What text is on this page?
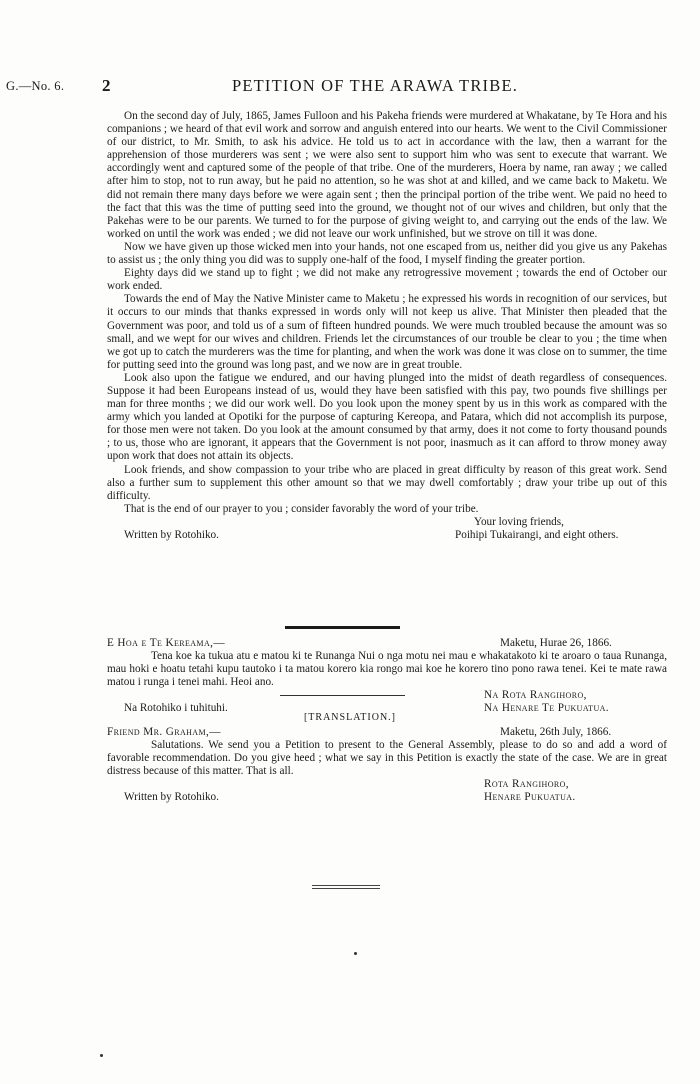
G.—No. 6. 2	PETITION OF THE ARAWA TRIBE.

On the second day of July, 1865, James Fulloon and his Pakeha friends were murdered at Whakatane, by Te Hora and his companions ; we heard of that evil work and sorrow and anguish entered into our hearts. We went to the Civil Commissioner of our district, to Mr. Smith, to ask his advice. He told us to act in accordance with the law, then a warrant for the apprehension of those murderers was sent ; we were also sent to support him who was sent to execute that warrant. We accordingly went and captured some of the people of that tribe. One of the murderers, Hoera by name, ran away ; we called after him to stop, not to run away, but he paid no attention, so he was shot at and killed, and we came back to Maketu. We did not remain there many days before we were again sent ; then the principal portion of the tribe went. We paid no heed to the fact that this was the time of putting seed into the ground, we thought not of our wives and children, but only that the Pakehas were to be our parents. We turned to for the purpose of giving weight to, and carrying out the ends of the law. We worked on until the work was ended ; we did not leave our work unfinished, but we strove on till it was done.

Now we have given up those wicked men into your hands, not one escaped from us, neither did you give us any Pakehas to assist us ; the only thing you did was to supply one-half of the food, I myself finding the greater portion.

Eighty days did we stand up to fight ; we did not make any retrogressive movement ; towards the end of October our work ended.

Towards the end of May the Native Minister came to Maketu ; he expressed his words in recognition of our services, but it occurs to our minds that thanks expressed in words only will not keep us alive. That Minister then pleaded that the Government was poor, and told us of a sum of fifteen hundred pounds. We were much troubled because the amount was so small, and we wept for our wives and children. Friends let the circumstances of our trouble be clear to you ; the time when we got up to catch the murderers was the time for planting, and when the work was done it was close on to summer, the time for putting seed into the ground was long past, and we now are in great trouble.

Look also upon the fatigue we endured, and our having plunged into the midst of death regardless of consequences. Suppose it had been Europeans instead of us, would they have been satisfied with this pay, two pounds five shillings per man for three months ; we did our work well. Do you look upon the money spent by us in this work as compared with the army which you landed at Opotiki for the purpose of capturing Kereopa, and Patara, which did not accomplish its purpose, for those men were not taken. Do you look at the amount consumed by that army, does it not come to forty thousand pounds ; to us, those who are ignorant, it appears that the Government is not poor, inasmuch as it can afford to throw money away upon work that does not attain its objects.

Look friends, and show compassion to your tribe who are placed in great difficulty by reason of this great work. Send also a further sum to supplement this other amount so that we may dwell comfortably ; draw your tribe up out of this difficulty.

That is the end of our prayer to you ; consider favorably the word of your tribe.

Your loving friends,
Written by Rotohiko.	Poihipi Tukairangi, and eight others.
E Hoa e Te Kereama,—	Maketu, Hurae 26, 1866.

Tena koe ka tukua atu e matou ki te Runanga Nui o nga motu nei mau e whakatakoto ki te aroaro o taua Runanga, mau hoki e hoatu tetahi kupu tautoko i ta matou korero kia rongo mai koe he korero tino pono rawa tenei. Kei te mate rawa matou i runga i tenei mahi. Heoi ano.

Na Rota Rangihoro,
Na Rotohiko i tuhituhi.	Na Henare Te Pukuatua.
[TRANSLATION.]
Friend Mr. Graham,—	Maketu, 26th July, 1866.

Salutations. We send you a Petition to present to the General Assembly, please to do so and add a word of favorable recommendation. Do you give heed ; what we say in this Petition is exactly the state of the case. We are in great distress because of this matter. That is all.

Rota Rangihoro,
Written by Rotohiko.	Henare Pukuatua.
